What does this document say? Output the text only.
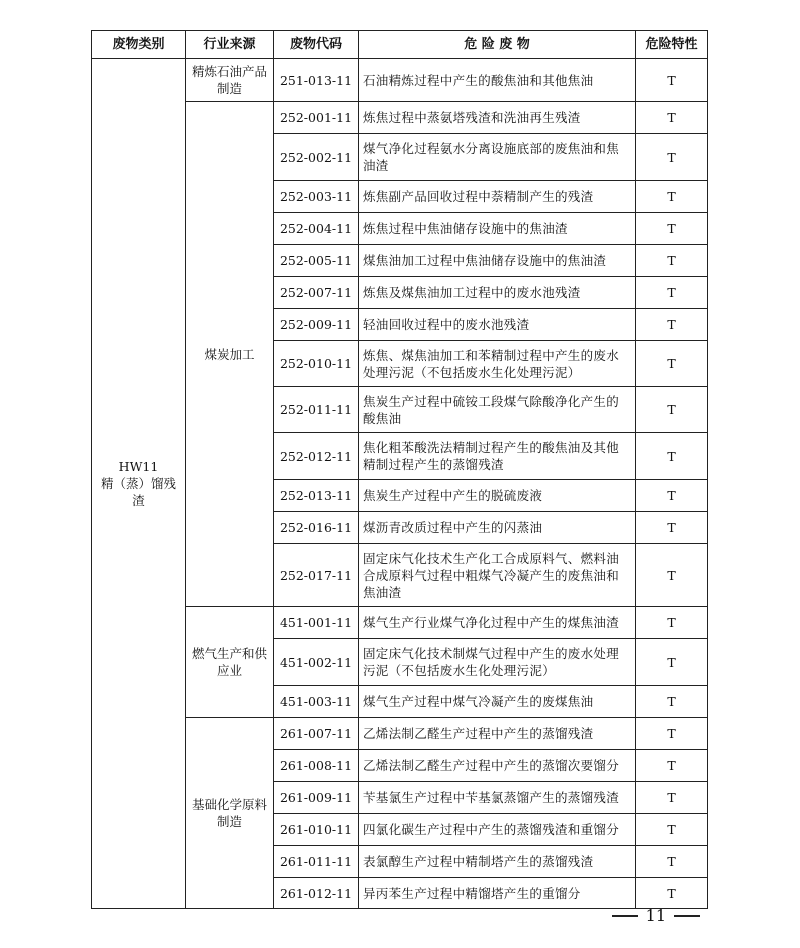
废物类别	行业来源	废物代码	危 险 废 物	危险特性

HW11
精（蒸）馏残渣	精炼石油产品制造	251-013-11	石油精炼过程中产生的酸焦油和其他焦油	T
	煤炭加工	252-001-11	炼焦过程中蒸氨塔残渣和洗油再生残渣	T
		252-002-11	煤气净化过程氨水分离设施底部的废焦油和焦油渣	T
		252-003-11	炼焦副产品回收过程中萘精制产生的残渣	T
		252-004-11	炼焦过程中焦油储存设施中的焦油渣	T
		252-005-11	煤焦油加工过程中焦油储存设施中的焦油渣	T
		252-007-11	炼焦及煤焦油加工过程中的废水池残渣	T
		252-009-11	轻油回收过程中的废水池残渣	T
		252-010-11	炼焦、煤焦油加工和苯精制过程中产生的废水处理污泥（不包括废水生化处理污泥）	T
		252-011-11	焦炭生产过程中硫铵工段煤气除酸净化产生的酸焦油	T
		252-012-11	焦化粗苯酸洗法精制过程产生的酸焦油及其他精制过程产生的蒸馏残渣	T
		252-013-11	焦炭生产过程中产生的脱硫废液	T
		252-016-11	煤沥青改质过程中产生的闪蒸油	T
		252-017-11	固定床气化技术生产化工合成原料气、燃料油合成原料气过程中粗煤气冷凝产生的废焦油和焦油渣	T
	燃气生产和供应业	451-001-11	煤气生产行业煤气净化过程中产生的煤焦油渣	T
		451-002-11	固定床气化技术制煤气过程中产生的废水处理污泥（不包括废水生化处理污泥）	T
		451-003-11	煤气生产过程中煤气冷凝产生的废煤焦油	T
	基础化学原料制造	261-007-11	乙烯法制乙醛生产过程中产生的蒸馏残渣	T
		261-008-11	乙烯法制乙醛生产过程中产生的蒸馏次要馏分	T
		261-009-11	苄基氯生产过程中苄基氯蒸馏产生的蒸馏残渣	T
		261-010-11	四氯化碳生产过程中产生的蒸馏残渣和重馏分	T
		261-011-11	表氯醇生产过程中精制塔产生的蒸馏残渣	T
		261-012-11	异丙苯生产过程中精馏塔产生的重馏分	T
11
